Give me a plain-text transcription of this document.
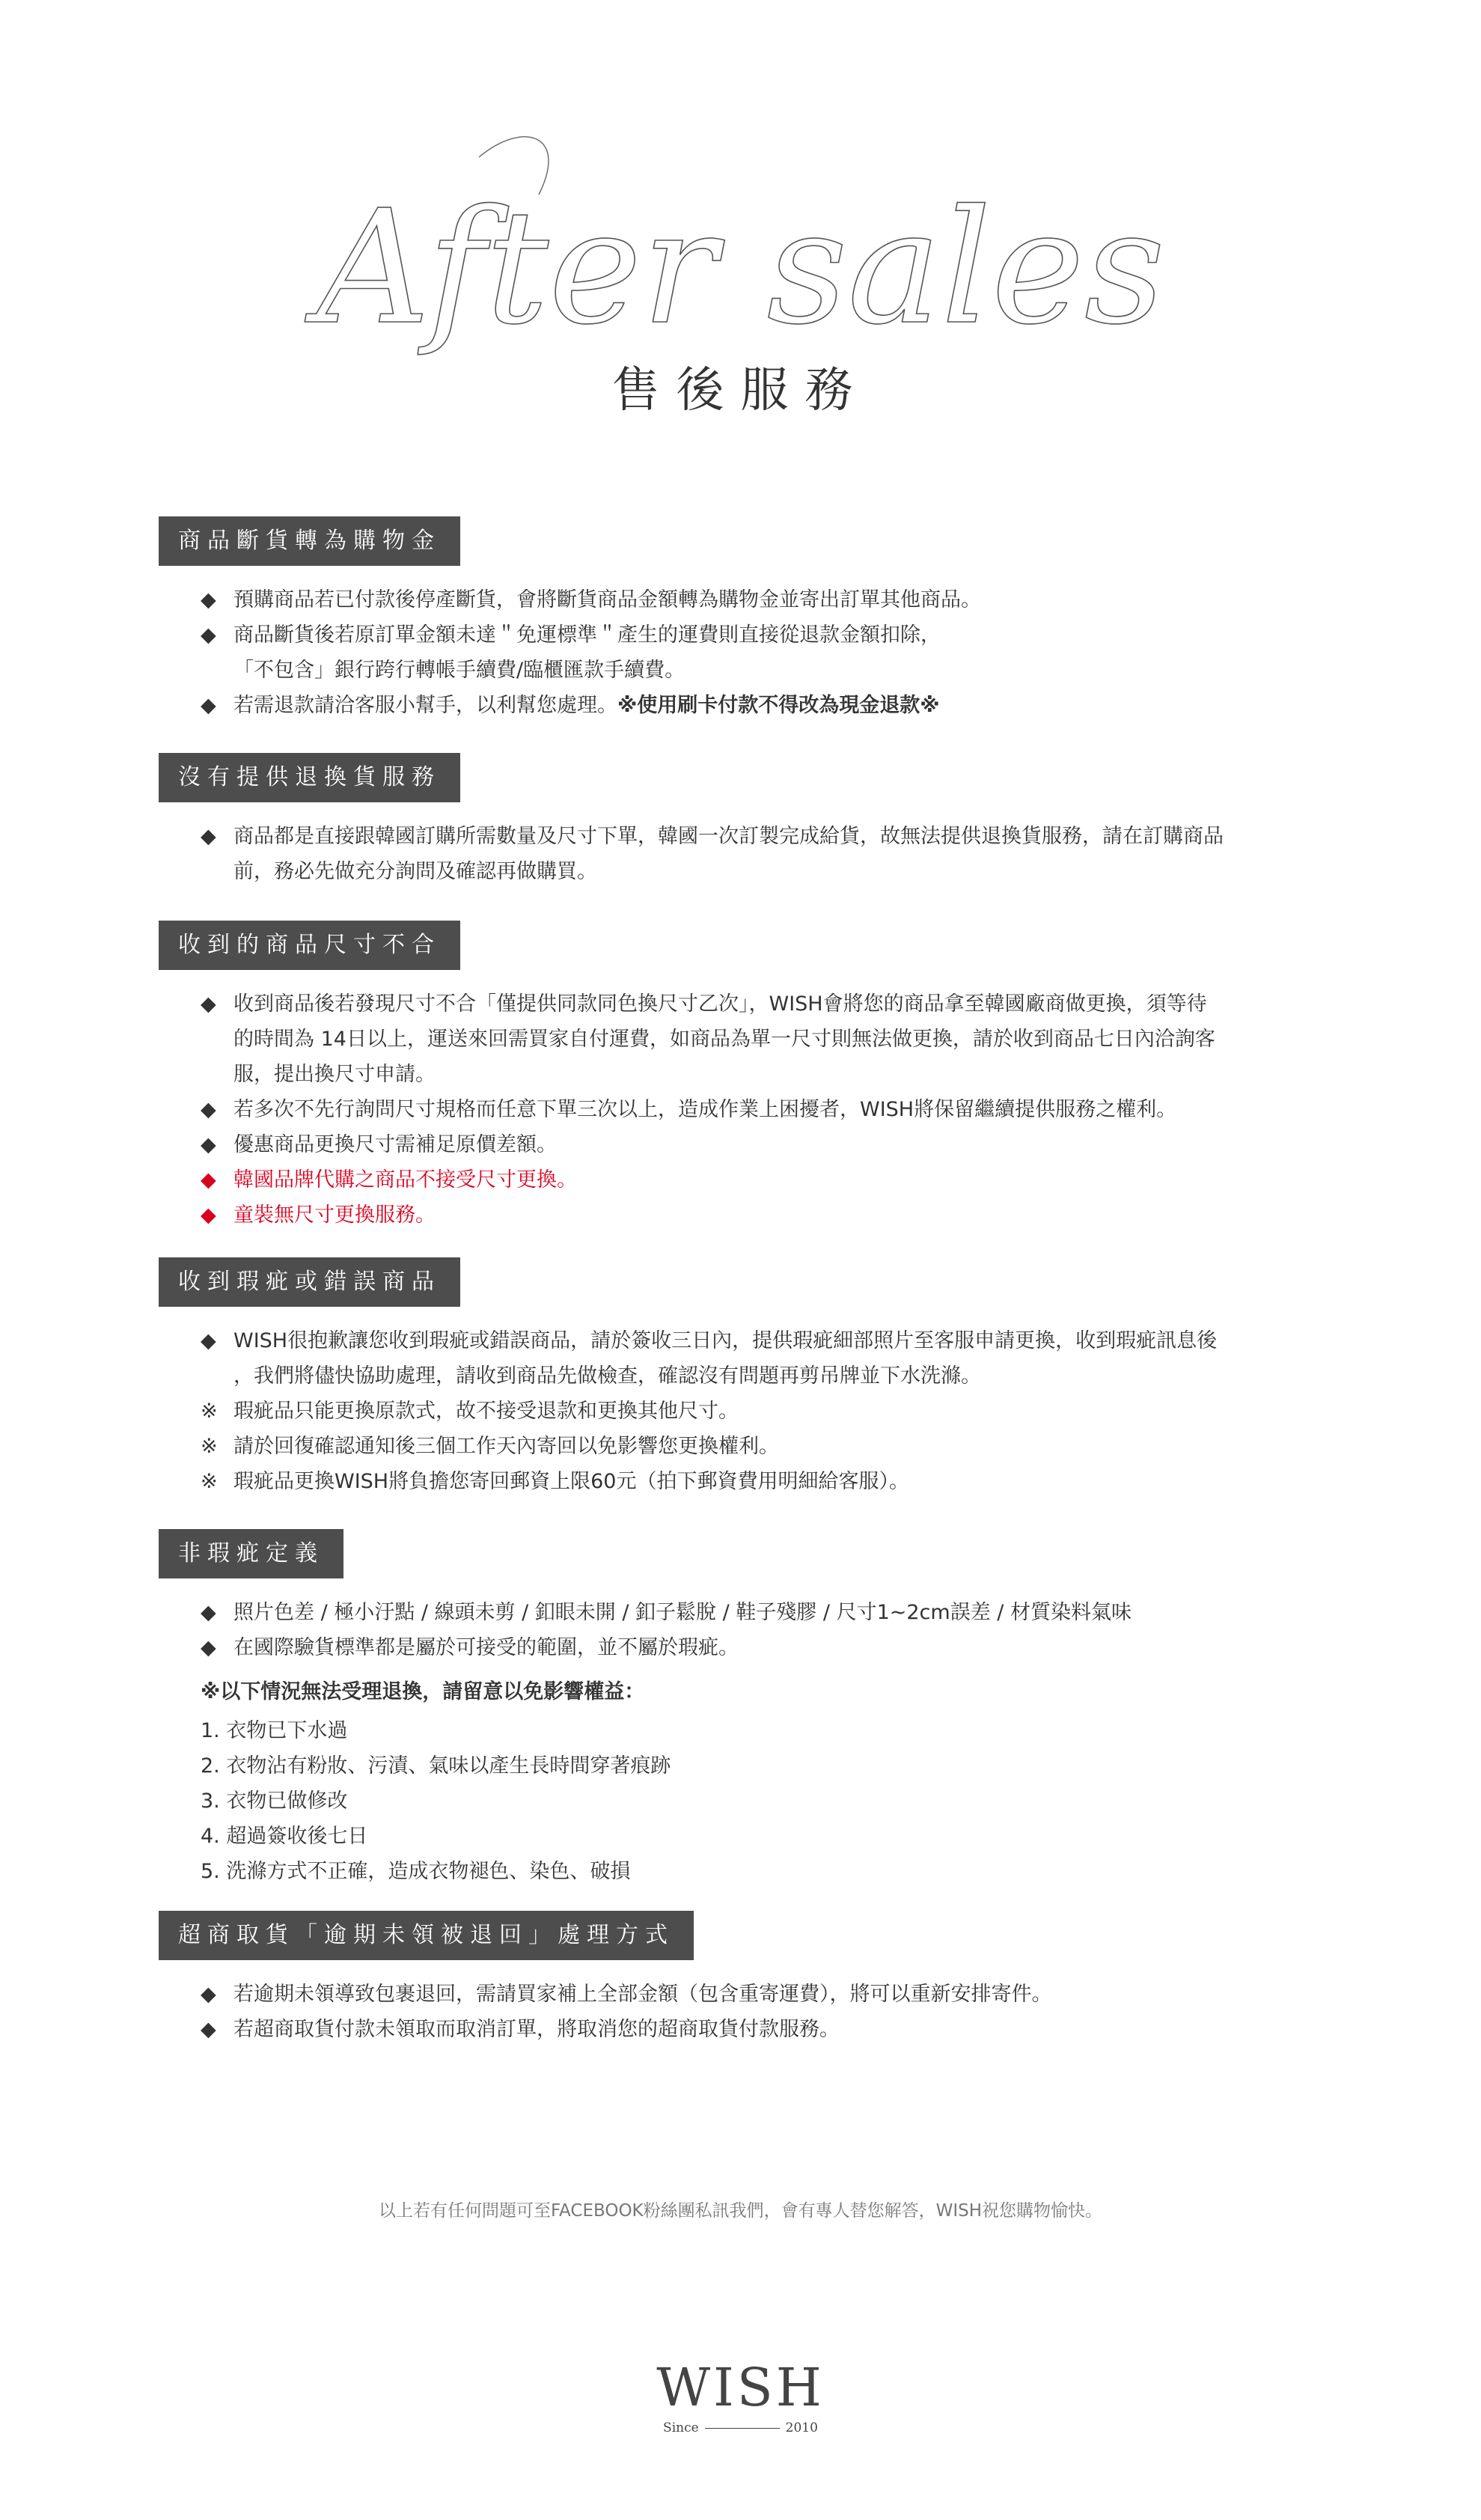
After sales
售後服務
商品斷貨轉為購物金
◆ 預購商品若已付款後停產斷貨，會將斷貨商品金額轉為購物金並寄出訂單其他商品。
◆ 商品斷貨後若原訂單金額未達＂免運標準＂產生的運費則直接從退款金額扣除，
「不包含」銀行跨行轉帳手續費/臨櫃匯款手續費。
◆ 若需退款請洽客服小幫手，以利幫您處理。※使用刷卡付款不得改為現金退款※
沒有提供退換貨服務
◆ 商品都是直接跟韓國訂購所需數量及尺寸下單，韓國一次訂製完成給貨，故無法提供退換貨服務，請在訂購商品
前，務必先做充分詢問及確認再做購買。
收到的商品尺寸不合
◆ 收到商品後若發現尺寸不合「僅提供同款同色換尺寸乙次」，WISH會將您的商品拿至韓國廠商做更換，須等待
的時間為 14日以上，運送來回需買家自付運費，如商品為單一尺寸則無法做更換，請於收到商品七日內洽詢客
服，提出換尺寸申請。
◆ 若多次不先行詢問尺寸規格而任意下單三次以上，造成作業上困擾者，WISH將保留繼續提供服務之權利。
◆ 優惠商品更換尺寸需補足原價差額。
◆ 韓國品牌代購之商品不接受尺寸更換。
◆ 童裝無尺寸更換服務。
收到瑕疵或錯誤商品
◆ WISH很抱歉讓您收到瑕疵或錯誤商品，請於簽收三日內，提供瑕疵細部照片至客服申請更換，收到瑕疵訊息後
，我們將儘快協助處理，請收到商品先做檢查，確認沒有問題再剪吊牌並下水洗滌。
※ 瑕疵品只能更換原款式，故不接受退款和更換其他尺寸。
※ 請於回復確認通知後三個工作天內寄回以免影響您更換權利。
※ 瑕疵品更換WISH將負擔您寄回郵資上限60元（拍下郵資費用明細給客服）。
非瑕疵定義
◆ 照片色差 / 極小汙點 / 線頭未剪 / 釦眼未開 / 釦子鬆脫 / 鞋子殘膠 / 尺寸1~2cm誤差 / 材質染料氣味
◆ 在國際驗貨標準都是屬於可接受的範圍，並不屬於瑕疵。
※以下情況無法受理退換，請留意以免影響權益：
1. 衣物已下水過
2. 衣物沾有粉妝、污漬、氣味以產生長時間穿著痕跡
3. 衣物已做修改
4. 超過簽收後七日
5. 洗滌方式不正確，造成衣物褪色、染色、破損
超商取貨「逾期未領被退回」處理方式
◆ 若逾期未領導致包裹退回，需請買家補上全部金額（包含重寄運費），將可以重新安排寄件。
◆ 若超商取貨付款未領取而取消訂單，將取消您的超商取貨付款服務。
以上若有任何問題可至FACEBOOK粉絲團私訊我們，會有專人替您解答，WISH祝您購物愉快。
WISH
Since	2010
